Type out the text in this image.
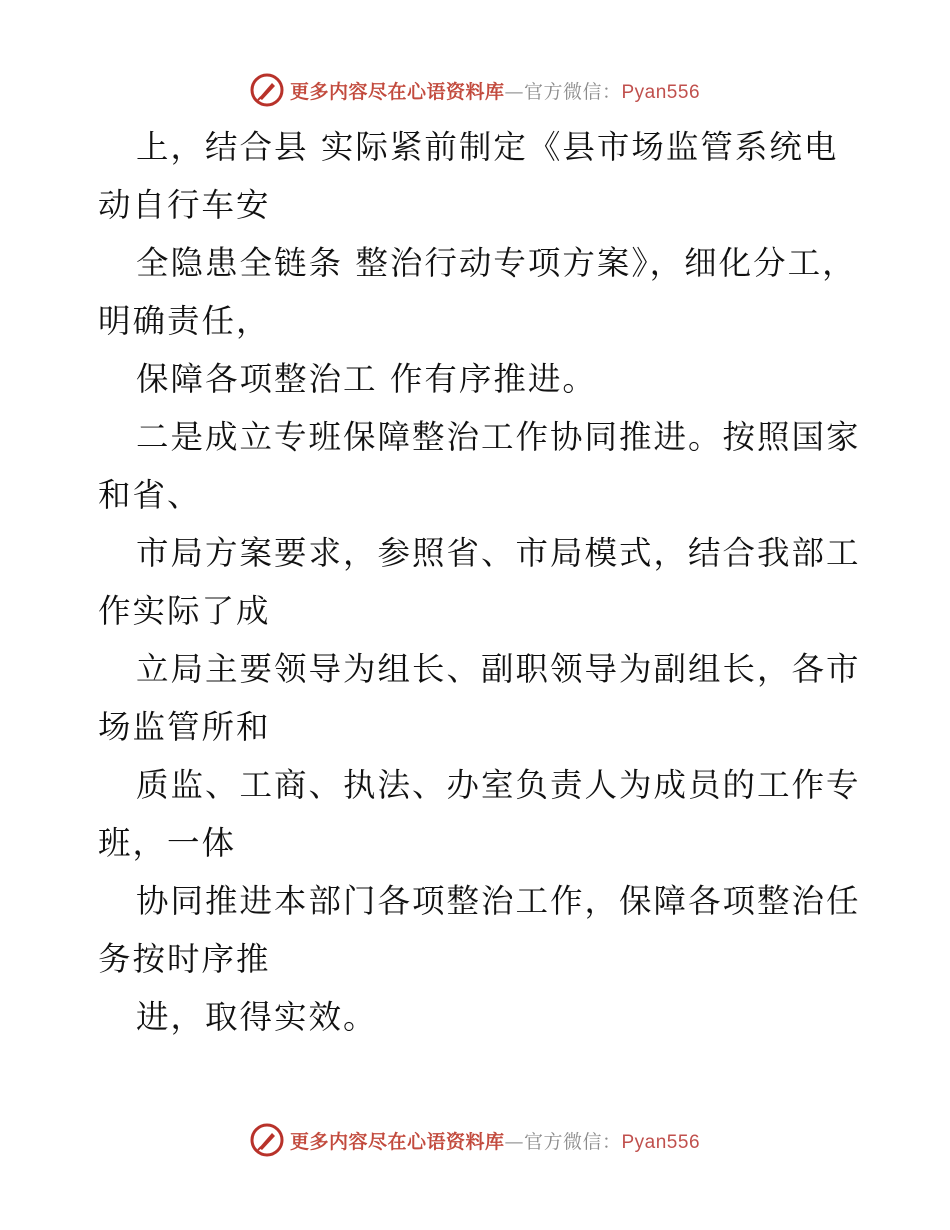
更多内容尽在心语资料库—官方微信：Pyan556
上，结合县 实际紧前制定《县市场监管系统电
动自行车安
全隐患全链条 整治行动专项方案》，细化分工，
明确责任，
保障各项整治工 作有序推进。
二是成立专班保障整治工作协同推进。按照国家
和省、
市局方案要求，参照省、市局模式，结合我部工
作实际了成
立局主要领导为组长、副职领导为副组长，各市
场监管所和
质监、工商、执法、办室负责人为成员的工作专
班，一体
协同推进本部门各项整治工作，保障各项整治任
务按时序推
进，取得实效。
更多内容尽在心语资料库—官方微信：Pyan556
